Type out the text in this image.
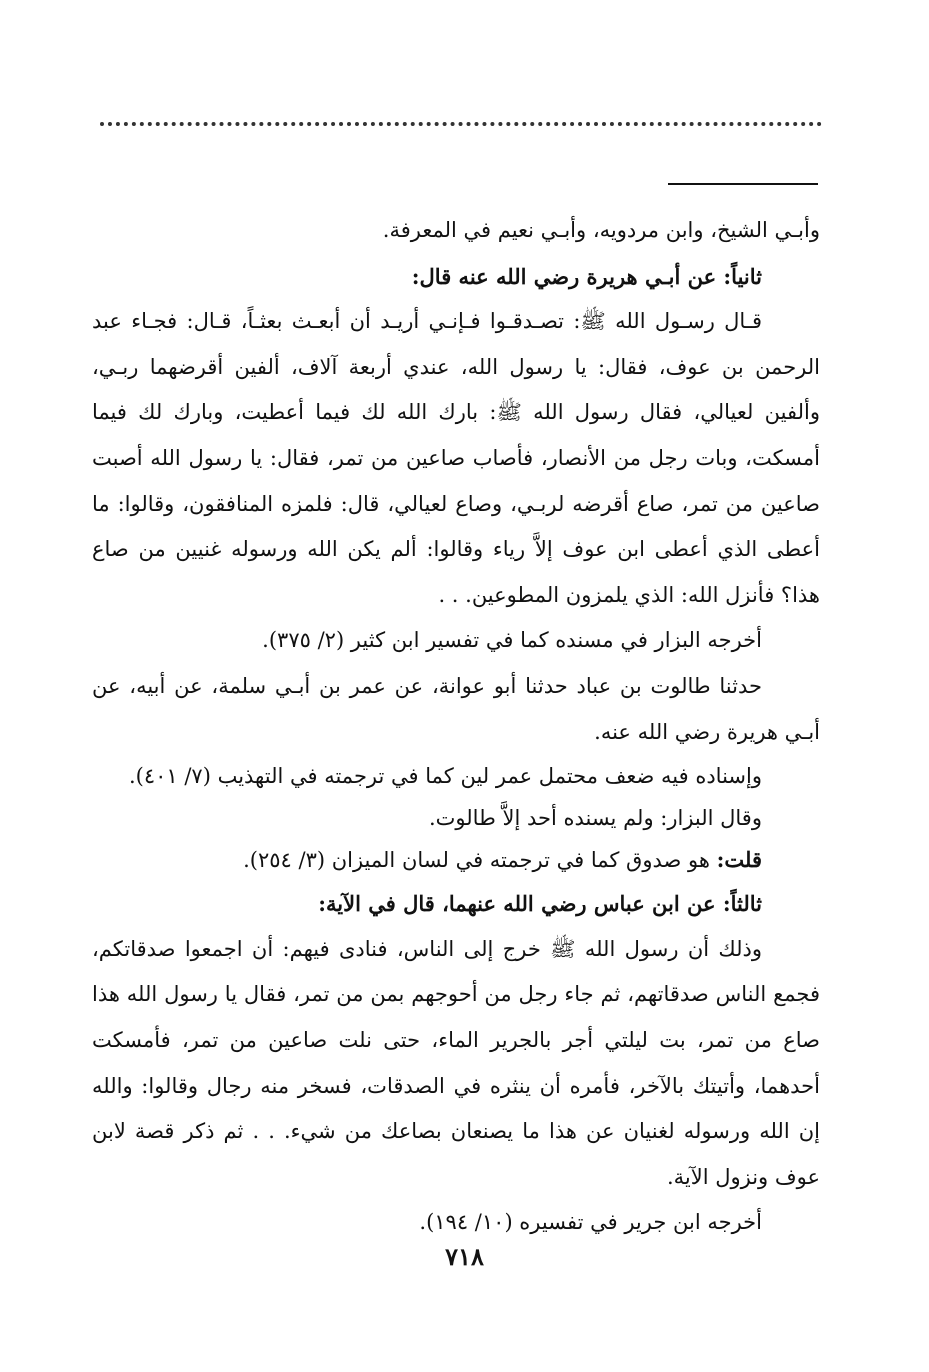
وأبـي الشيخ، وابن مردويه، وأبـي نعيم في المعرفة.

ثانياً: عن أبـي هريرة رضي الله عنه قال:

قـال رسـول الله ﷺ: تصـدقـوا فـإنـي أريـد أن أبعـث بعثـاً، قـال: فجـاء عبد الرحمن بن عوف، فقال: يا رسول الله، عندي أربعة آلاف، ألفين أقرضهما ربـي، وألفين لعيالي، فقال رسول الله ﷺ: بارك الله لك فيما أعطيت، وبارك لك فيما أمسكت، وبات رجل من الأنصار، فأصاب صاعين من تمر، فقال: يا رسول الله أصبت صاعين من تمر، صاع أقرضه لربـي، وصاع لعيالي، قال: فلمزه المنافقون، وقالوا: ما أعطى الذي أعطى ابن عوف إلاَّ رياء وقالوا: ألم يكن الله ورسوله غنيين من صاع هذا؟ فأنزل الله: الذي يلمزون المطوعين. . .

أخرجه البزار في مسنده كما في تفسير ابن كثير (٢/ ٣٧٥).

حدثنا طالوت بن عباد حدثنا أبو عوانة، عن عمر بن أبـي سلمة، عن أبيه، عن أبـي هريرة رضي الله عنه.

وإسناده فيه ضعف محتمل عمر لين كما في ترجمته في التهذيب (٧/ ٤٠١).

وقال البزار: ولم يسنده أحد إلاَّ طالوت.

قلت: هو صدوق كما في ترجمته في لسان الميزان (٣/ ٢٥٤).

ثالثاً: عن ابن عباس رضي الله عنهما، قال في الآية:

وذلك أن رسول الله ﷺ خرج إلى الناس، فنادى فيهم: أن اجمعوا صدقاتكم، فجمع الناس صدقاتهم، ثم جاء رجل من أحوجهم بمن من تمر، فقال يا رسول الله هذا صاع من تمر، بت ليلتي أجر بالجرير الماء، حتى نلت صاعين من تمر، فأمسكت أحدهما، وأتيتك بالآخر، فأمره أن ينثره في الصدقات، فسخر منه رجال وقالوا: والله إن الله ورسوله لغنيان عن هذا ما يصنعان بصاعك من شيء. . . ثم ذكر قصة لابن عوف ونزول الآية.

أخرجه ابن جرير في تفسيره (١٠/ ١٩٤).

٧١٨
